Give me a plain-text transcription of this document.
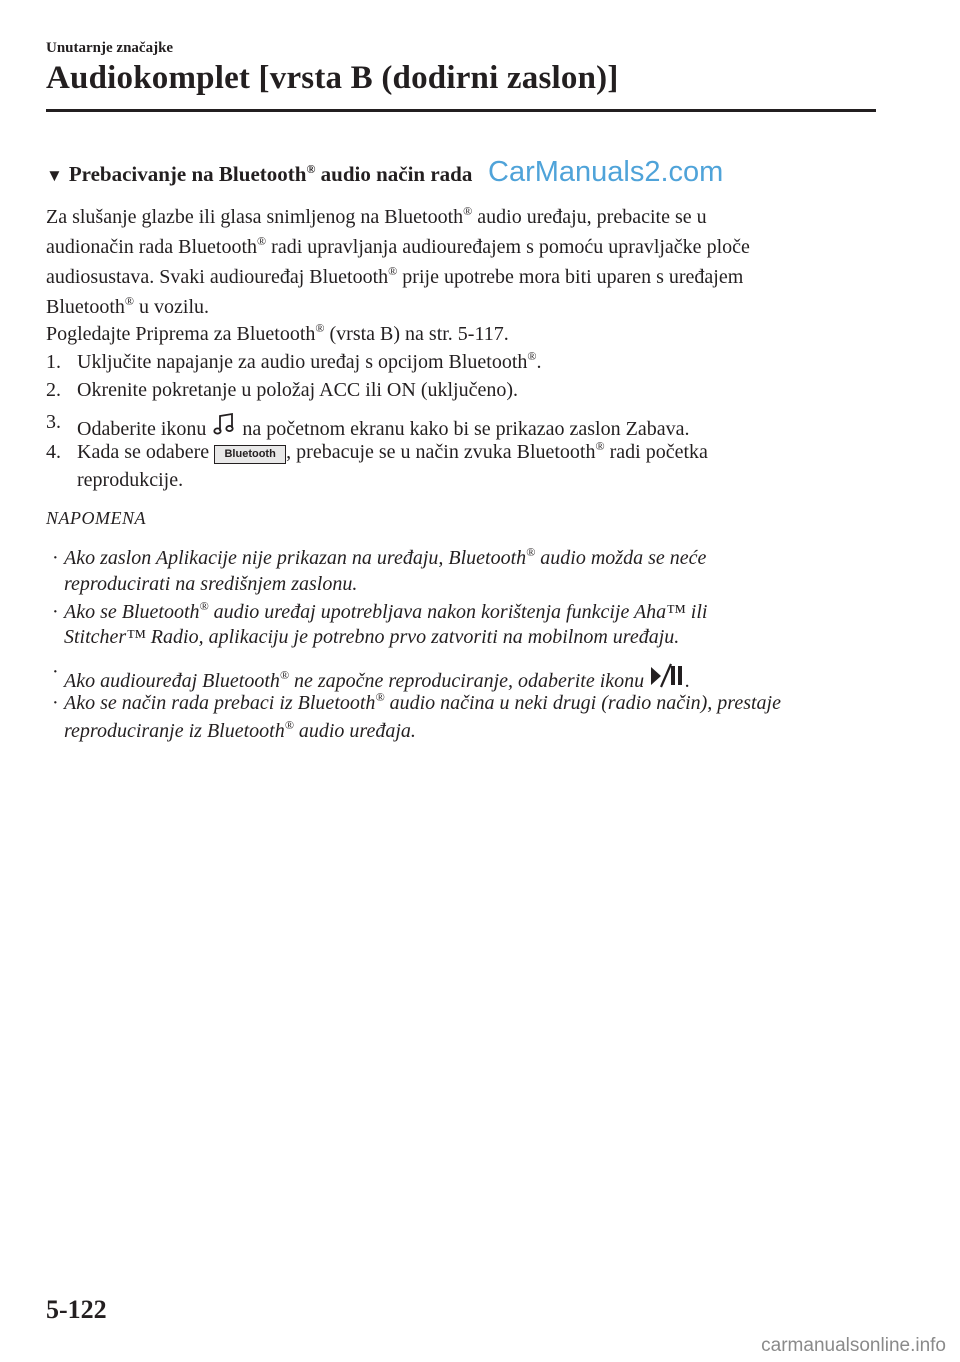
Unutarnje značajke
Audiokomplet [vrsta B (dodirni zaslon)]
▼ Prebacivanje na Bluetooth® audio način rada CarManuals2.com
Za slušanje glazbe ili glasa snimljenog na Bluetooth® audio uređaju, prebacite se u
audionačin rada Bluetooth® radi upravljanja audiouređajem s pomoću upravljačke ploče
audiosustava. Svaki audiouređaj Bluetooth® prije upotrebe mora biti uparen s uređajem
Bluetooth® u vozilu.
Pogledajte Priprema za Bluetooth® (vrsta B) na str. 5-117.
1. Uključite napajanje za audio uređaj s opcijom Bluetooth®.
2. Okrenite pokretanje u položaj ACC ili ON (uključeno).
3. Odaberite ikonu na početnom ekranu kako bi se prikazao zaslon Zabava.
4. Kada se odabere Bluetooth , prebacuje se u način zvuka Bluetooth® radi početka
reprodukcije.
NAPOMENA
· Ako zaslon Aplikacije nije prikazan na uređaju, Bluetooth® audio možda se neće
reproducirati na središnjem zaslonu.
· Ako se Bluetooth® audio uređaj upotrebljava nakon korištenja funkcije Aha™ ili
Stitcher™ Radio, aplikaciju je potrebno prvo zatvoriti na mobilnom uređaju.
· Ako audiouređaj Bluetooth® ne započne reproduciranje, odaberite ikonu .
· Ako se način rada prebaci iz Bluetooth® audio načina u neki drugi (radio način), prestaje
reproduciranje iz Bluetooth® audio uređaja.
5-122
carmanualsonline.info
